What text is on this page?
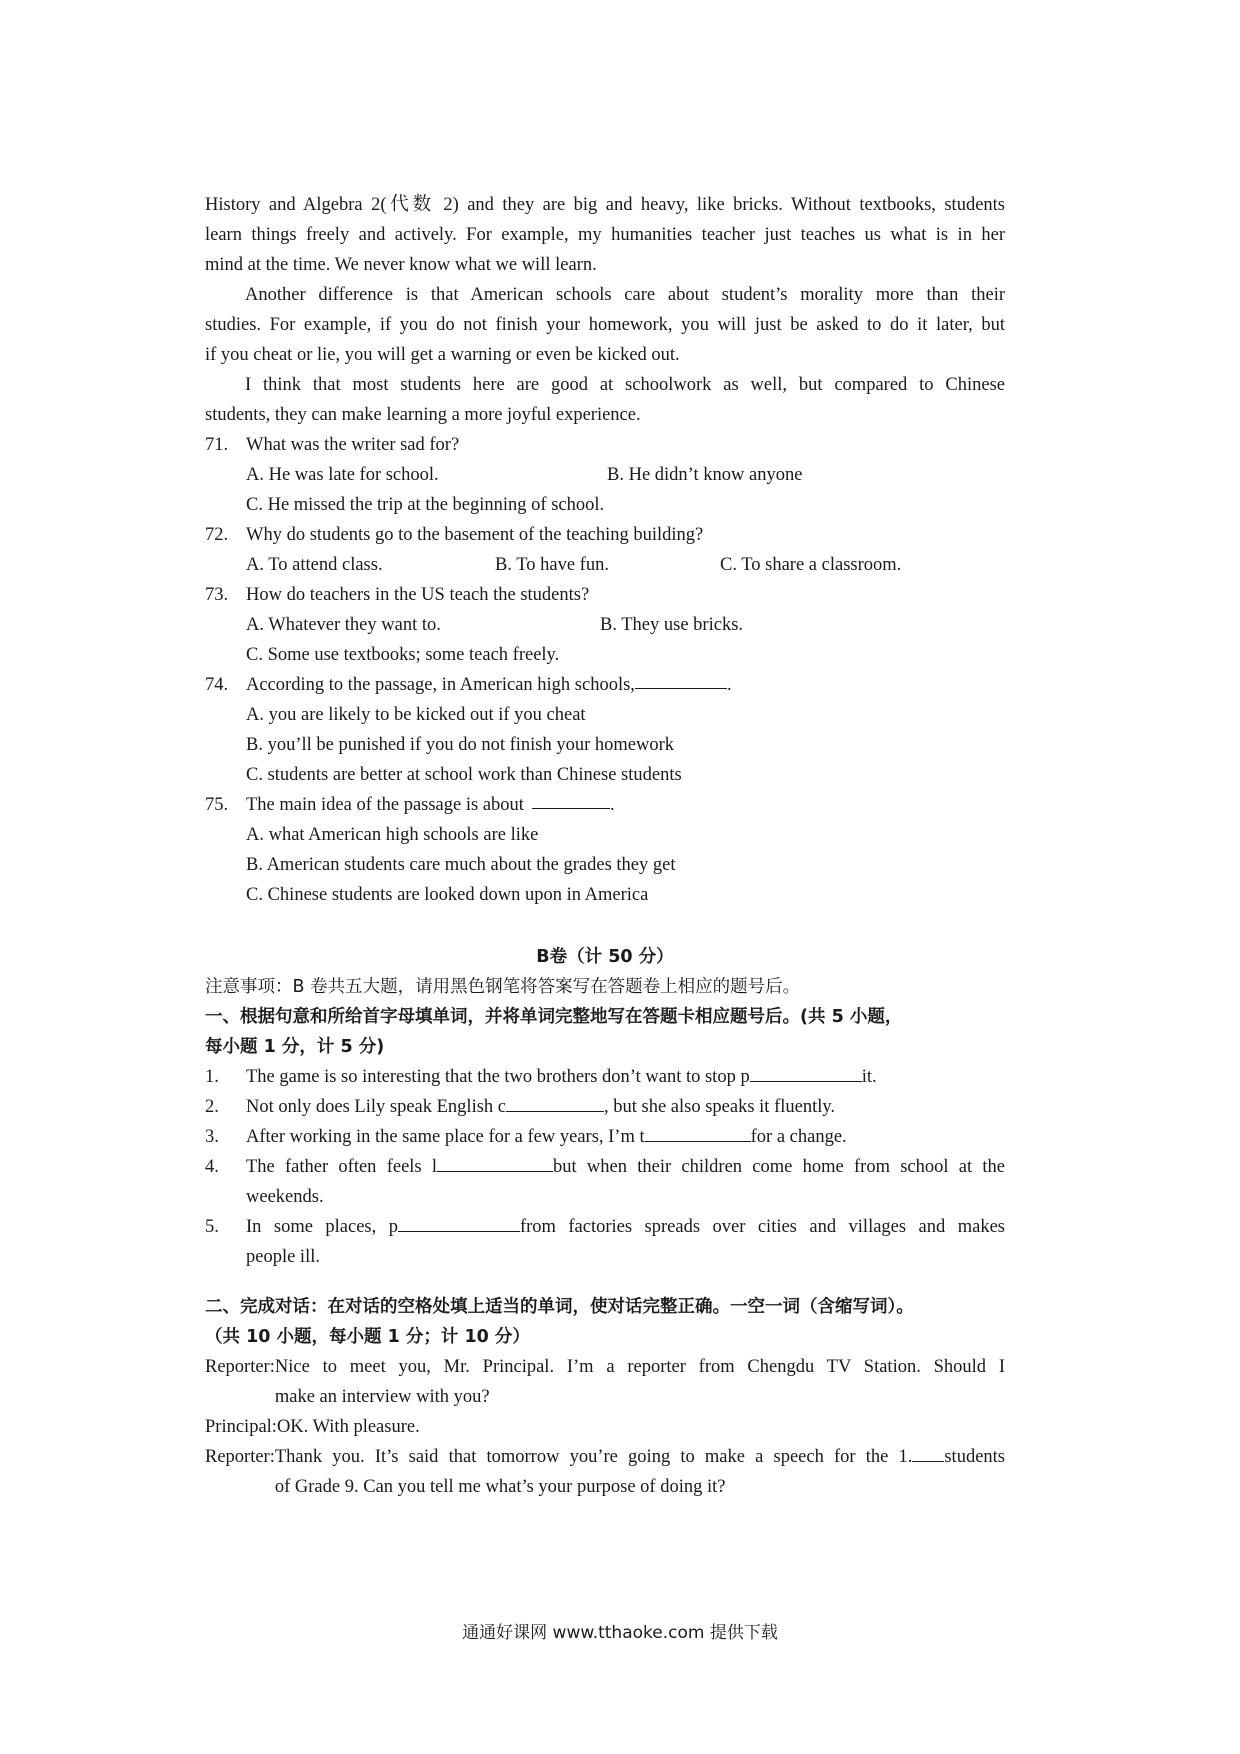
History and Algebra 2(代数 2) and they are big and heavy, like bricks. Without textbooks, students
learn things freely and actively. For example, my humanities teacher just teaches us what is in her
mind at the time. We never know what we will learn.
Another difference is that American schools care about student’s morality more than their
studies. For example, if you do not finish your homework, you will just be asked to do it later, but
if you cheat or lie, you will get a warning or even be kicked out.
I think that most students here are good at schoolwork as well, but compared to Chinese
students, they can make learning a more joyful experience.
71. What was the writer sad for?
A. He was late for school.	B. He didn’t know anyone
C. He missed the trip at the beginning of school.
72. Why do students go to the basement of the teaching building?
A. To attend class.	B. To have fun.	C. To share a classroom.
73. How do teachers in the US teach the students?
A. Whatever they want to.	B. They use bricks.
C. Some use textbooks; some teach freely.
74. According to the passage, in American high schools,	.
A. you are likely to be kicked out if you cheat
B. you’ll be punished if you do not finish your homework
C. students are better at school work than Chinese students
75. The main idea of the passage is about	.
A. what American high schools are like
B. American students care much about the grades they get
C. Chinese students are looked down upon in America
B卷（计 50 分）
注意事项：B 卷共五大题，请用黑色钢笔将答案写在答题卷上相应的题号后。
一、根据句意和所给首字母填单词，并将单词完整地写在答题卡相应题号后。(共 5 小题，
每小题 1 分，计 5 分)
1.	The game is so interesting that the two brothers don’t want to stop p	it.
2.	Not only does Lily speak English c	, but she also speaks it fluently.
3.	After working in the same place for a few years, I’m t	for a change.
4.	The father often feels l	but when their children come home from school at the
weekends.
5.	In some places, p	from factories spreads over cities and villages and makes
people ill.
二、完成对话：在对话的空格处填上适当的单词，使对话完整正确。一空一词（含缩写词）。
（共 10 小题，每小题 1 分；计 10 分）
Reporter: Nice to meet you, Mr. Principal. I’m a reporter from Chengdu TV Station. Should I
make an interview with you?
Principal: OK. With pleasure.
Reporter: Thank you. It’s said that tomorrow you’re going to make a speech for the 1. students
of Grade 9. Can you tell me what’s your purpose of doing it?
通通好课网 www.tthaoke.com 提供下载
